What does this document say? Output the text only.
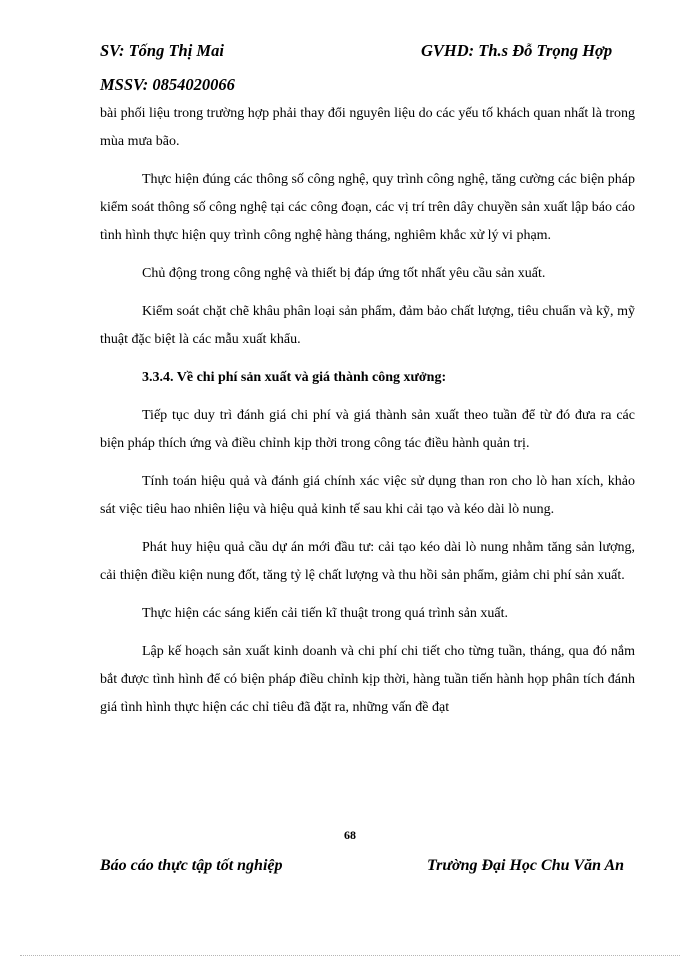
SV: Tống Thị Mai	GVHD: Th.s Đỗ Trọng Hợp
MSSV: 0854020066

bài phối liệu trong trường hợp phải thay đổi nguyên liệu do các yếu tố khách quan nhất là trong mùa mưa bão.

Thực hiện đúng các thông số công nghệ, quy trình công nghệ, tăng cường các biện pháp kiểm soát thông số công nghệ tại các công đoạn, các vị trí trên dây chuyền sản xuất lập báo cáo tình hình thực hiện quy trình công nghệ hàng tháng, nghiêm khắc xử lý vi phạm.

Chủ động trong công nghệ và thiết bị đáp ứng tốt nhất yêu cầu sản xuất.

Kiểm soát chặt chẽ khâu phân loại sản phẩm, đảm bảo chất lượng, tiêu chuẩn và kỹ, mỹ thuật đặc biệt là các mẫu xuất khẩu.

3.3.4. Về chi phí sản xuất và giá thành công xưởng:

Tiếp tục duy trì đánh giá chi phí và giá thành sản xuất theo tuần để từ đó đưa ra các biện pháp thích ứng và điều chỉnh kịp thời trong công tác điều hành quản trị.

Tính toán hiệu quả và đánh giá chính xác việc sử dụng than ron cho lò han xích, khảo sát việc tiêu hao nhiên liệu và hiệu quả kinh tế sau khi cải tạo và kéo dài lò nung.

Phát huy hiệu quả cầu dự án mới đầu tư: cải tạo kéo dài lò nung nhằm tăng sản lượng, cải thiện điều kiện nung đốt, tăng tỷ lệ chất lượng và thu hồi sản phẩm, giảm chi phí sản xuất.

Thực hiện các sáng kiến cải tiến kĩ thuật trong quá trình sản xuất.

Lập kế hoạch sản xuất kinh doanh và chi phí chi tiết cho từng tuần, tháng, qua đó nắm bắt được tình hình để có biện pháp điều chỉnh kịp thời, hàng tuần tiến hành họp phân tích đánh giá tình hình thực hiện các chỉ tiêu đã đặt ra, những vấn đề đạt

68
Báo cáo thực tập tốt nghiệp	Trường Đại Học Chu Văn An
